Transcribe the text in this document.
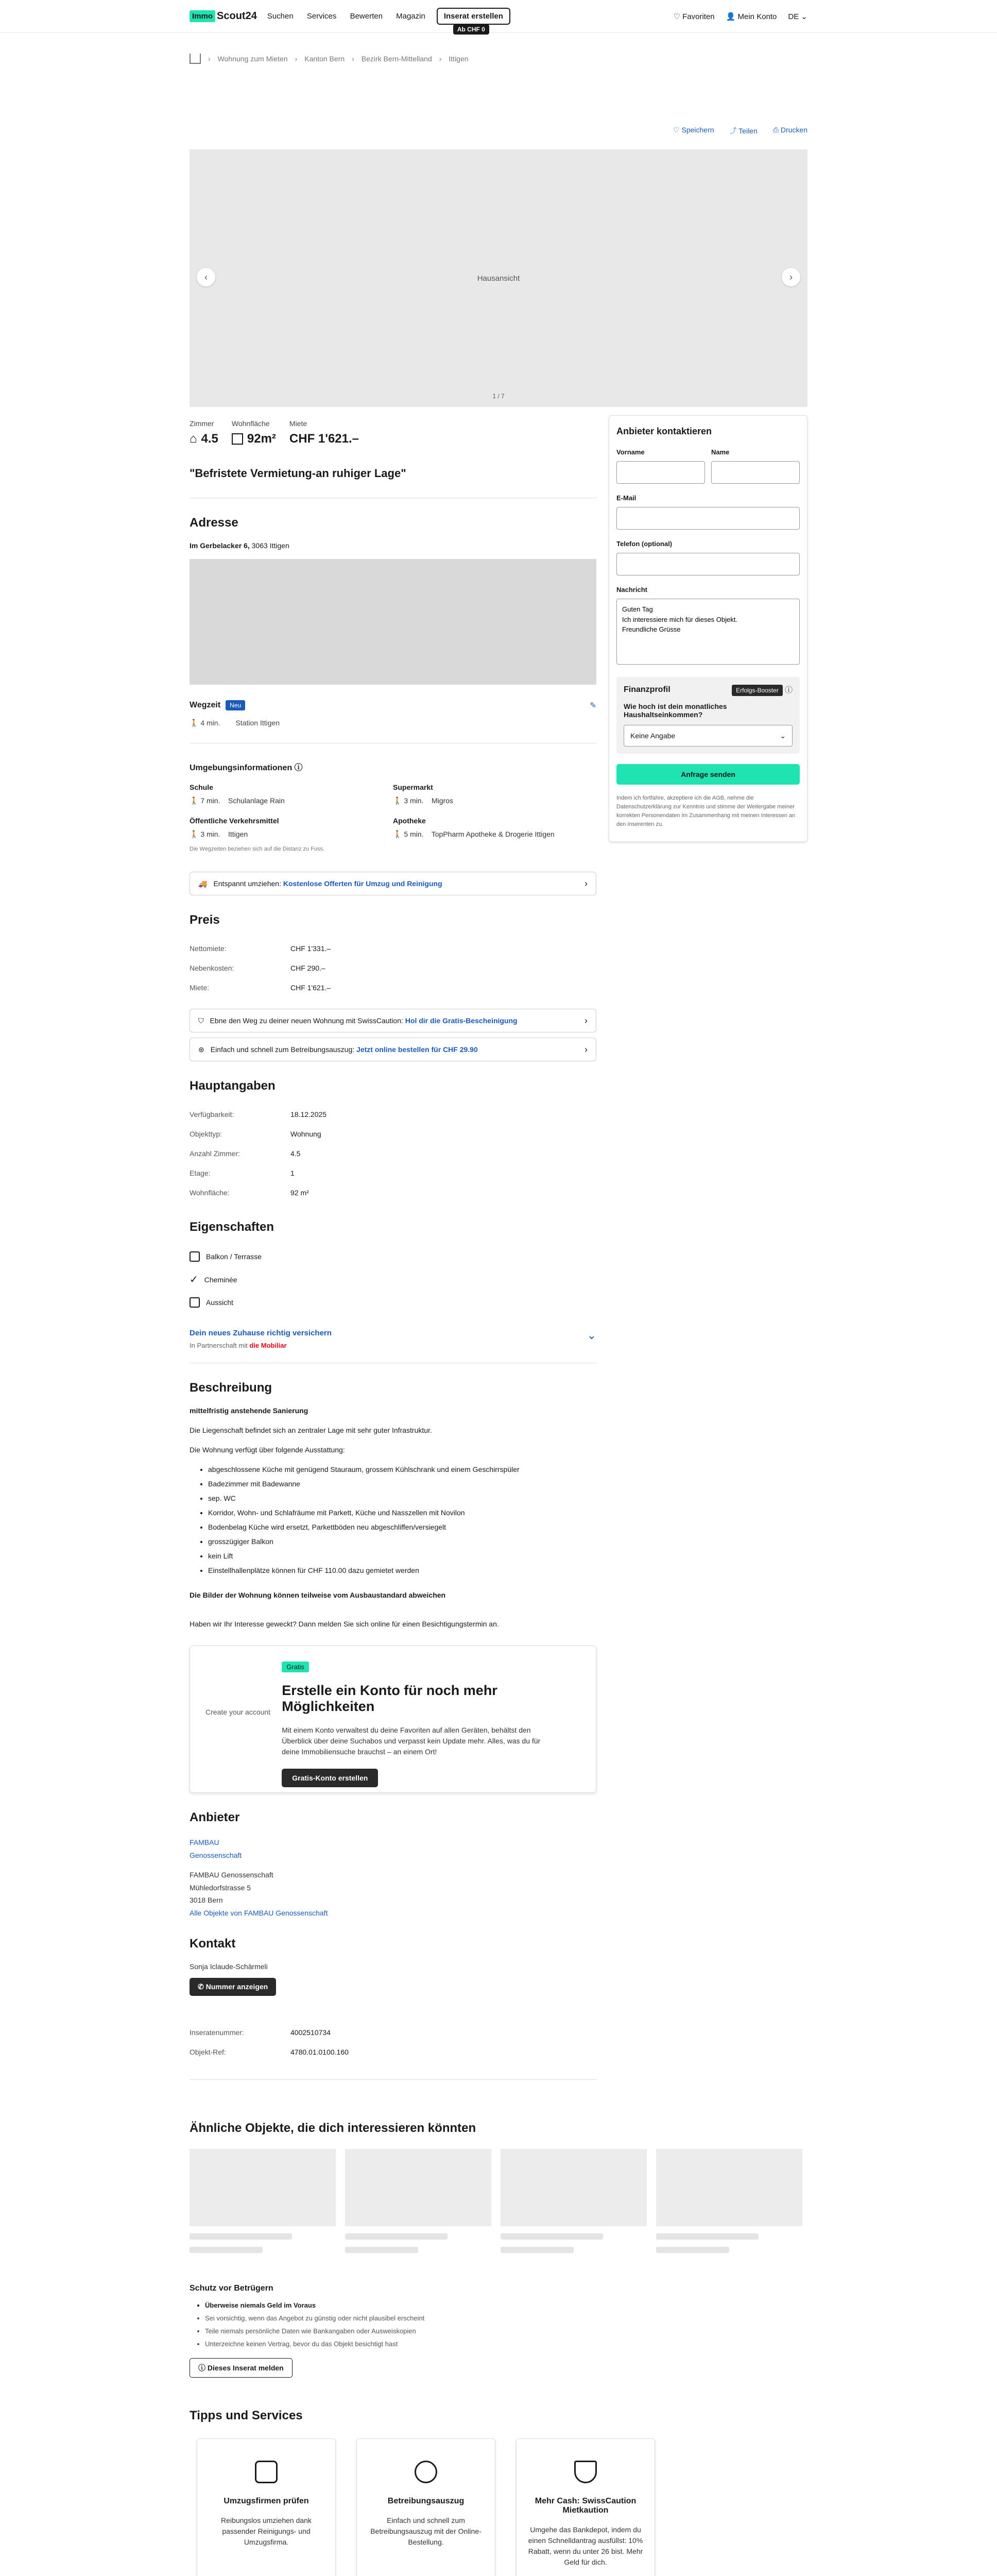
Immo Scout24 Suchen Services Bewerten Magazin	Inserat erstellen
Ab CHF 0
♡ Favoriten 👤 Mein Konto DE ⌄
› Wohnung zum Mieten › Kanton Bern › Bezirk Bern-Mittelland › Ittigen
♡ Speichern ⤴ Teilen ⎙ Drucken
Hausansicht
‹	›
1 / 7
Zimmer
⌂ 4.5
Wohnfläche
92m²
Miete
CHF 1'621.–
"Befristete Vermietung-an ruhiger Lage"
Adresse
Im Gerbelacker 6, 3063 Ittigen
Wegzeit	Neu	✎
🚶 4 min. Station Ittigen
Umgebungsinformationen ⓘ
Schule
🚶 7 min. Schulanlage Rain
Supermarkt
🚶 3 min. Migros
Öffentliche Verkehrsmittel
🚶 3 min. Ittigen
Apotheke
🚶 5 min. TopPharm Apotheke & Drogerie Ittigen
Die Wegzeiten beziehen sich auf die Distanz zu Fuss.
🚚 Entspannt umziehen: Kostenlose Offerten für Umzug und Reinigung	›
Preis
Nettomiete:	CHF 1'331.–
Nebenkosten:	CHF 290.–
Miete:	CHF 1'621.–
⛉ Ebne den Weg zu deiner neuen Wohnung mit SwissCaution: Hol dir die Gratis-Bescheinigung	›
⊛ Einfach und schnell zum Betreibungsauszug: Jetzt online bestellen für CHF 29.90	›
Hauptangaben
Verfügbarkeit:	18.12.2025
Objekttyp:	Wohnung
Anzahl Zimmer:	4.5
Etage:	1
Wohnfläche:	92 m²
Eigenschaften
Balkon / Terrasse
✓ Cheminée
Aussicht
Dein neues Zuhause richtig versichern
In Partnerschaft mit die Mobiliar
⌄
Beschreibung

mittelfristig anstehende Sanierung

Die Liegenschaft befindet sich an zentraler Lage mit sehr guter Infrastruktur.

Die Wohnung verfügt über folgende Ausstattung:

• abgeschlossene Küche mit genügend Stauraum, grossem Kühlschrank und einem Geschirrspüler
• Badezimmer mit Badewanne
• sep. WC
• Korridor, Wohn- und Schlafräume mit Parkett, Küche und Nasszellen mit Novilon
• Bodenbelag Küche wird ersetzt, Parkettböden neu abgeschliffen/versiegelt
• grosszügiger Balkon
• kein Lift
• Einstellhallenplätze können für CHF 110.00 dazu gemietet werden

Die Bilder der Wohnung können teilweise vom Ausbaustandard abweichen

Haben wir Ihr Interesse geweckt? Dann melden Sie sich online für einen Besichtigungstermin an.

Create your account
Gratis
Erstelle ein Konto für noch mehr Möglichkeiten
Mit einem Konto verwaltest du deine Favoriten auf allen Geräten, behältst den Überblick über deine Suchabos und verpasst kein Update mehr. Alles, was du für deine Immobiliensuche brauchst – an einem Ort!
Gratis-Konto erstellen
Anbieter
FAMBAU
Genossenschaft

FAMBAU Genossenschaft

Mühledorfstrasse 5

3018 Bern

Alle Objekte von FAMBAU Genossenschaft
Kontakt
Sonja Iclaude-Schärmeli
✆ Nummer anzeigen
Inseratenummer:	4002510734
Objekt-Ref:	4780.01.0100.160
Anbieter kontaktieren
Vorname	Name
E-Mail
Telefon (optional)
Nachricht
Guten Tag Ich interessiere mich für dieses Objekt. Freundliche Grüsse
Finanzprofil	Erfolgs-Booster ⓘ
Wie hoch ist dein monatliches Haushaltseinkommen?
Keine Angabe	⌄
Anfrage senden
Indem ich fortfahre, akzeptiere ich die AGB, nehme die Datenschutzerklärung zur Kenntnis und stimme der Weitergabe meiner korrekten Personendaten im Zusammenhang mit meinen Interessen an den Inserenten zu.
Ähnliche Objekte, die dich interessieren könnten
Schutz vor Betrügern
• Überweise niemals Geld im Voraus
• Sei vorsichtig, wenn das Angebot zu günstig oder nicht plausibel erscheint
• Teile niemals persönliche Daten wie Bankangaben oder Ausweiskopien
• Unterzeichne keinen Vertrag, bevor du das Objekt besichtigt hast
ⓘ Dieses Inserat melden
Tipps und Services
Umzugsfirmen prüfen

Reibungslos umziehen dank passender Reinigungs- und Umzugsfirma.

Betreibungsauszug

Einfach und schnell zum Betreibungsauszug mit der Online-Bestellung.

Mehr Cash: SwissCaution Mietkaution

Umgehe das Bankdepot, indem du einen Schnelldantrag ausfüllst: 10% Rabatt, wenn du unter 26 bist. Mehr Geld für dich.
